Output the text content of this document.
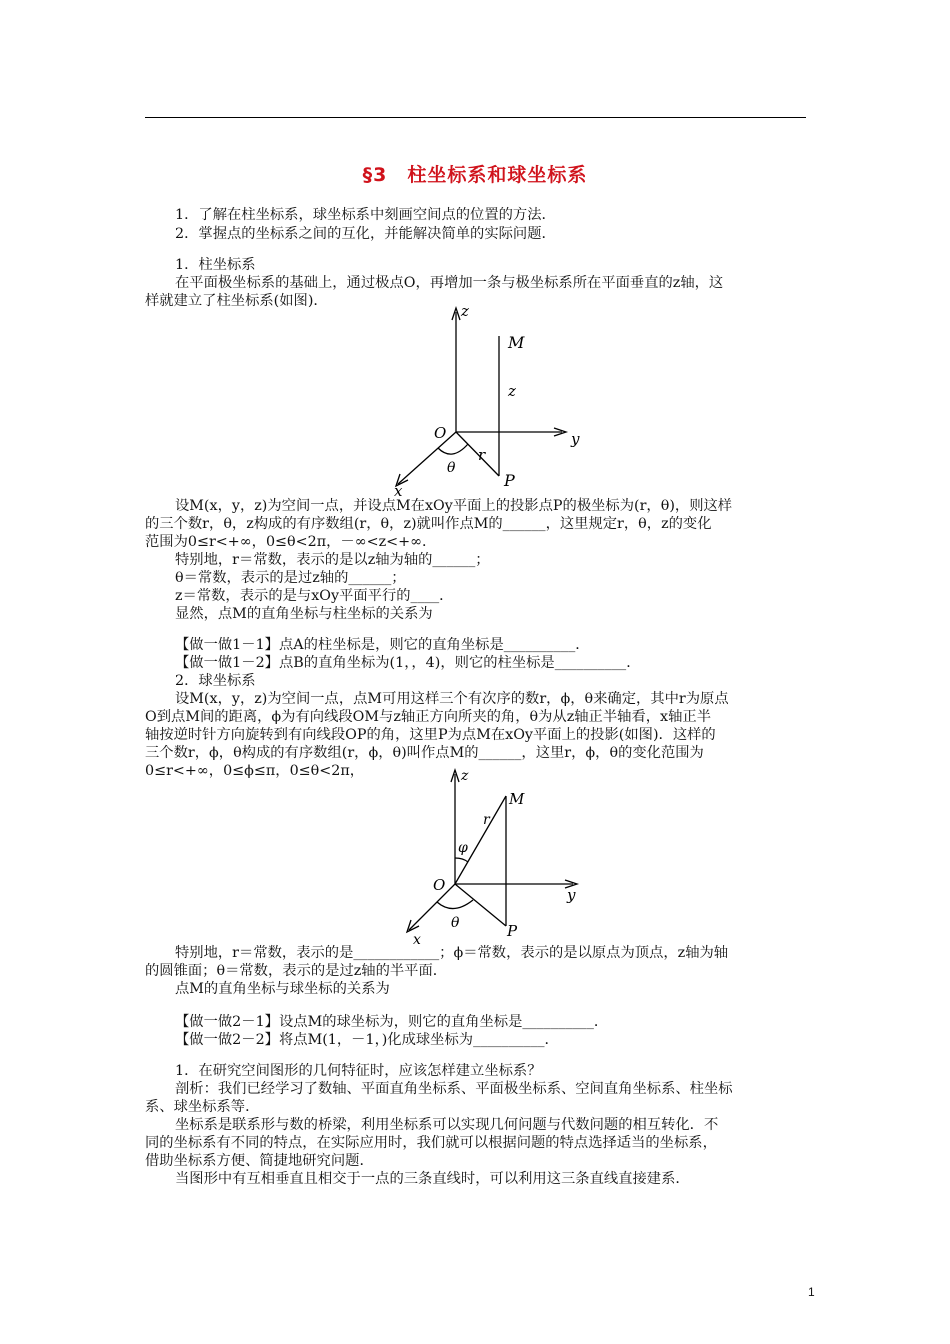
§3　柱坐标系和球坐标系
1．了解在柱坐标系，球坐标系中刻画空间点的位置的方法．
2．掌握点的坐标系之间的互化，并能解决简单的实际问题．
1．柱坐标系
在平面极坐标系的基础上，通过极点O，再增加一条与极坐标系所在平面垂直的z轴，这
样就建立了柱坐标系(如图)．
z
y
x
O
M
P
r
θ
z
设M(x，y，z)为空间一点，并设点M在xOy平面上的投影点P的极坐标为(r，θ)，则这样
的三个数r，θ，z构成的有序数组(r，θ，z)就叫作点M的______，这里规定r，θ，z的变化
范围为0≤r<+∞，0≤θ<2π，－∞<z<+∞．
特别地，r＝常数，表示的是以z轴为轴的______；
θ＝常数，表示的是过z轴的______；
z＝常数，表示的是与xOy平面平行的____．
显然，点M的直角坐标与柱坐标的关系为
【做一做1－1】点A的柱坐标是，则它的直角坐标是__________．
【做一做1－2】点B的直角坐标为(1，，4)，则它的柱坐标是__________．
2．球坐标系
设M(x，y，z)为空间一点，点M可用这样三个有次序的数r，ϕ，θ来确定，其中r为原点
O到点M间的距离，ϕ为有向线段OM与z轴正方向所夹的角，θ为从z轴正半轴看，x轴正半
轴按逆时针方向旋转到有向线段OP的角，这里P为点M在xOy平面上的投影(如图)．这样的
三个数r，ϕ，θ构成的有序数组(r，ϕ，θ)叫作点M的______，这里r，ϕ，θ的变化范围为
0≤r<+∞，0≤ϕ≤π，0≤θ<2π，	z
y
x
O
M
P
r
θ
φ
特别地，r＝常数，表示的是____________；ϕ＝常数，表示的是以原点为顶点，z轴为轴
的圆锥面；θ＝常数，表示的是过z轴的半平面．
点M的直角坐标与球坐标的关系为
【做一做2－1】设点M的球坐标为，则它的直角坐标是__________．
【做一做2－2】将点M(1，－1，)化成球坐标为__________．
1．在研究空间图形的几何特征时，应该怎样建立坐标系？
剖析：我们已经学习了数轴、平面直角坐标系、平面极坐标系、空间直角坐标系、柱坐标
系、球坐标系等．
坐标系是联系形与数的桥梁，利用坐标系可以实现几何问题与代数问题的相互转化．不
同的坐标系有不同的特点，在实际应用时，我们就可以根据问题的特点选择适当的坐标系，
借助坐标系方便、简捷地研究问题．
当图形中有互相垂直且相交于一点的三条直线时，可以利用这三条直线直接建系．
1
